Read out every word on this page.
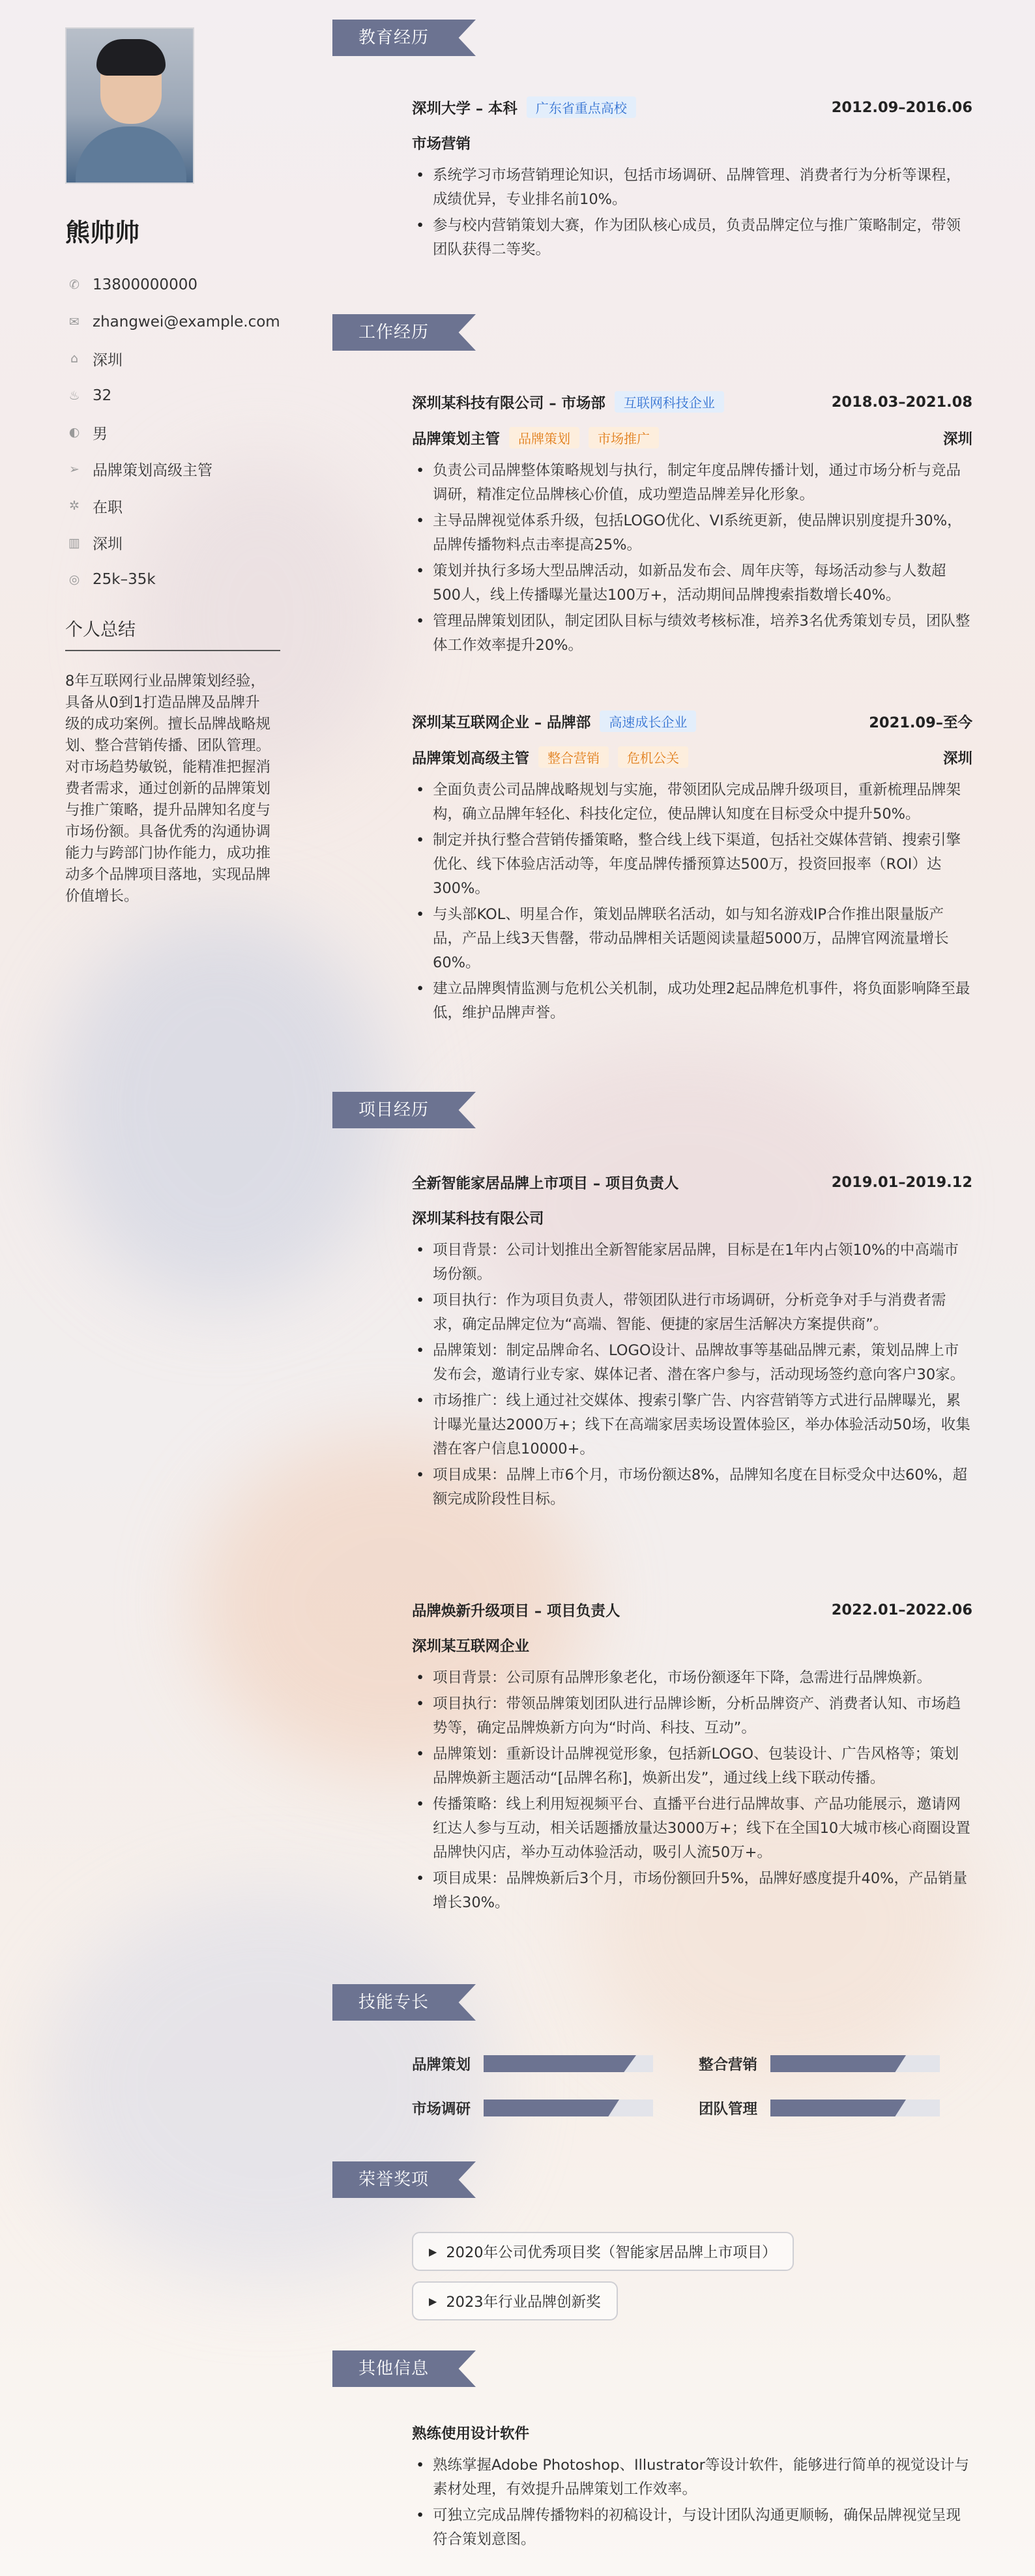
熊帅帅
✆ 13800000000
✉ zhangwei@example.com
⌂ 深圳
♨ 32
◐ 男
➢ 品牌策划高级主管
✲ 在职
▥ 深圳
◎ 25k–35k
个人总结
8年互联网行业品牌策划经验，具备从0到1打造品牌及品牌升级的成功案例。擅长品牌战略规划、整合营销传播、团队管理。对市场趋势敏锐，能精准把握消费者需求，通过创新的品牌策划与推广策略，提升品牌知名度与市场份额。具备优秀的沟通协调能力与跨部门协作能力，成功推动多个品牌项目落地，实现品牌价值增长。
教育经历
深圳大学 – 本科	广东省重点高校	2012.09–2016.06
市场营销
• 系统学习市场营销理论知识，包括市场调研、品牌管理、消费者行为分析等课程，成绩优异，专业排名前10%。
• 参与校内营销策划大赛，作为团队核心成员，负责品牌定位与推广策略制定，带领团队获得二等奖。
工作经历
深圳某科技有限公司 – 市场部	互联网科技企业	2018.03–2021.08
品牌策划主管	品牌策划	市场推广	深圳
• 负责公司品牌整体策略规划与执行，制定年度品牌传播计划，通过市场分析与竞品调研，精准定位品牌核心价值，成功塑造品牌差异化形象。
• 主导品牌视觉体系升级，包括LOGO优化、VI系统更新，使品牌识别度提升30%，品牌传播物料点击率提高25%。
• 策划并执行多场大型品牌活动，如新品发布会、周年庆等，每场活动参与人数超500人，线上传播曝光量达100万+，活动期间品牌搜索指数增长40%。
• 管理品牌策划团队，制定团队目标与绩效考核标准，培养3名优秀策划专员，团队整体工作效率提升20%。
深圳某互联网企业 – 品牌部	高速成长企业	2021.09–至今
品牌策划高级主管	整合营销	危机公关	深圳
• 全面负责公司品牌战略规划与实施，带领团队完成品牌升级项目，重新梳理品牌架构，确立品牌年轻化、科技化定位，使品牌认知度在目标受众中提升50%。
• 制定并执行整合营销传播策略，整合线上线下渠道，包括社交媒体营销、搜索引擎优化、线下体验店活动等，年度品牌传播预算达500万，投资回报率（ROI）达300%。
• 与头部KOL、明星合作，策划品牌联名活动，如与知名游戏IP合作推出限量版产品，产品上线3天售罄，带动品牌相关话题阅读量超5000万，品牌官网流量增长60%。
• 建立品牌舆情监测与危机公关机制，成功处理2起品牌危机事件，将负面影响降至最低，维护品牌声誉。
项目经历
全新智能家居品牌上市项目 – 项目负责人	2019.01–2019.12
深圳某科技有限公司
• 项目背景：公司计划推出全新智能家居品牌，目标是在1年内占领10%的中高端市场份额。
• 项目执行：作为项目负责人，带领团队进行市场调研，分析竞争对手与消费者需求，确定品牌定位为“高端、智能、便捷的家居生活解决方案提供商”。
• 品牌策划：制定品牌命名、LOGO设计、品牌故事等基础品牌元素，策划品牌上市发布会，邀请行业专家、媒体记者、潜在客户参与，活动现场签约意向客户30家。
• 市场推广：线上通过社交媒体、搜索引擎广告、内容营销等方式进行品牌曝光，累计曝光量达2000万+；线下在高端家居卖场设置体验区，举办体验活动50场，收集潜在客户信息10000+。
• 项目成果：品牌上市6个月，市场份额达8%，品牌知名度在目标受众中达60%，超额完成阶段性目标。
品牌焕新升级项目 – 项目负责人	2022.01–2022.06
深圳某互联网企业
• 项目背景：公司原有品牌形象老化，市场份额逐年下降，急需进行品牌焕新。
• 项目执行：带领品牌策划团队进行品牌诊断，分析品牌资产、消费者认知、市场趋势等，确定品牌焕新方向为“时尚、科技、互动”。
• 品牌策划：重新设计品牌视觉形象，包括新LOGO、包装设计、广告风格等；策划品牌焕新主题活动“[品牌名称]，焕新出发”，通过线上线下联动传播。
• 传播策略：线上利用短视频平台、直播平台进行品牌故事、产品功能展示，邀请网红达人参与互动，相关话题播放量达3000万+；线下在全国10大城市核心商圈设置品牌快闪店，举办互动体验活动，吸引人流50万+。
• 项目成果：品牌焕新后3个月，市场份额回升5%，品牌好感度提升40%，产品销量增长30%。
技能专长
品牌策划	整合营销
市场调研	团队管理
荣誉奖项
▶ 2020年公司优秀项目奖（智能家居品牌上市项目）
▶ 2023年行业品牌创新奖
其他信息
熟练使用设计软件
• 熟练掌握Adobe Photoshop、Illustrator等设计软件，能够进行简单的视觉设计与素材处理，有效提升品牌策划工作效率。
• 可独立完成品牌传播物料的初稿设计，与设计团队沟通更顺畅，确保品牌视觉呈现符合策划意图。
